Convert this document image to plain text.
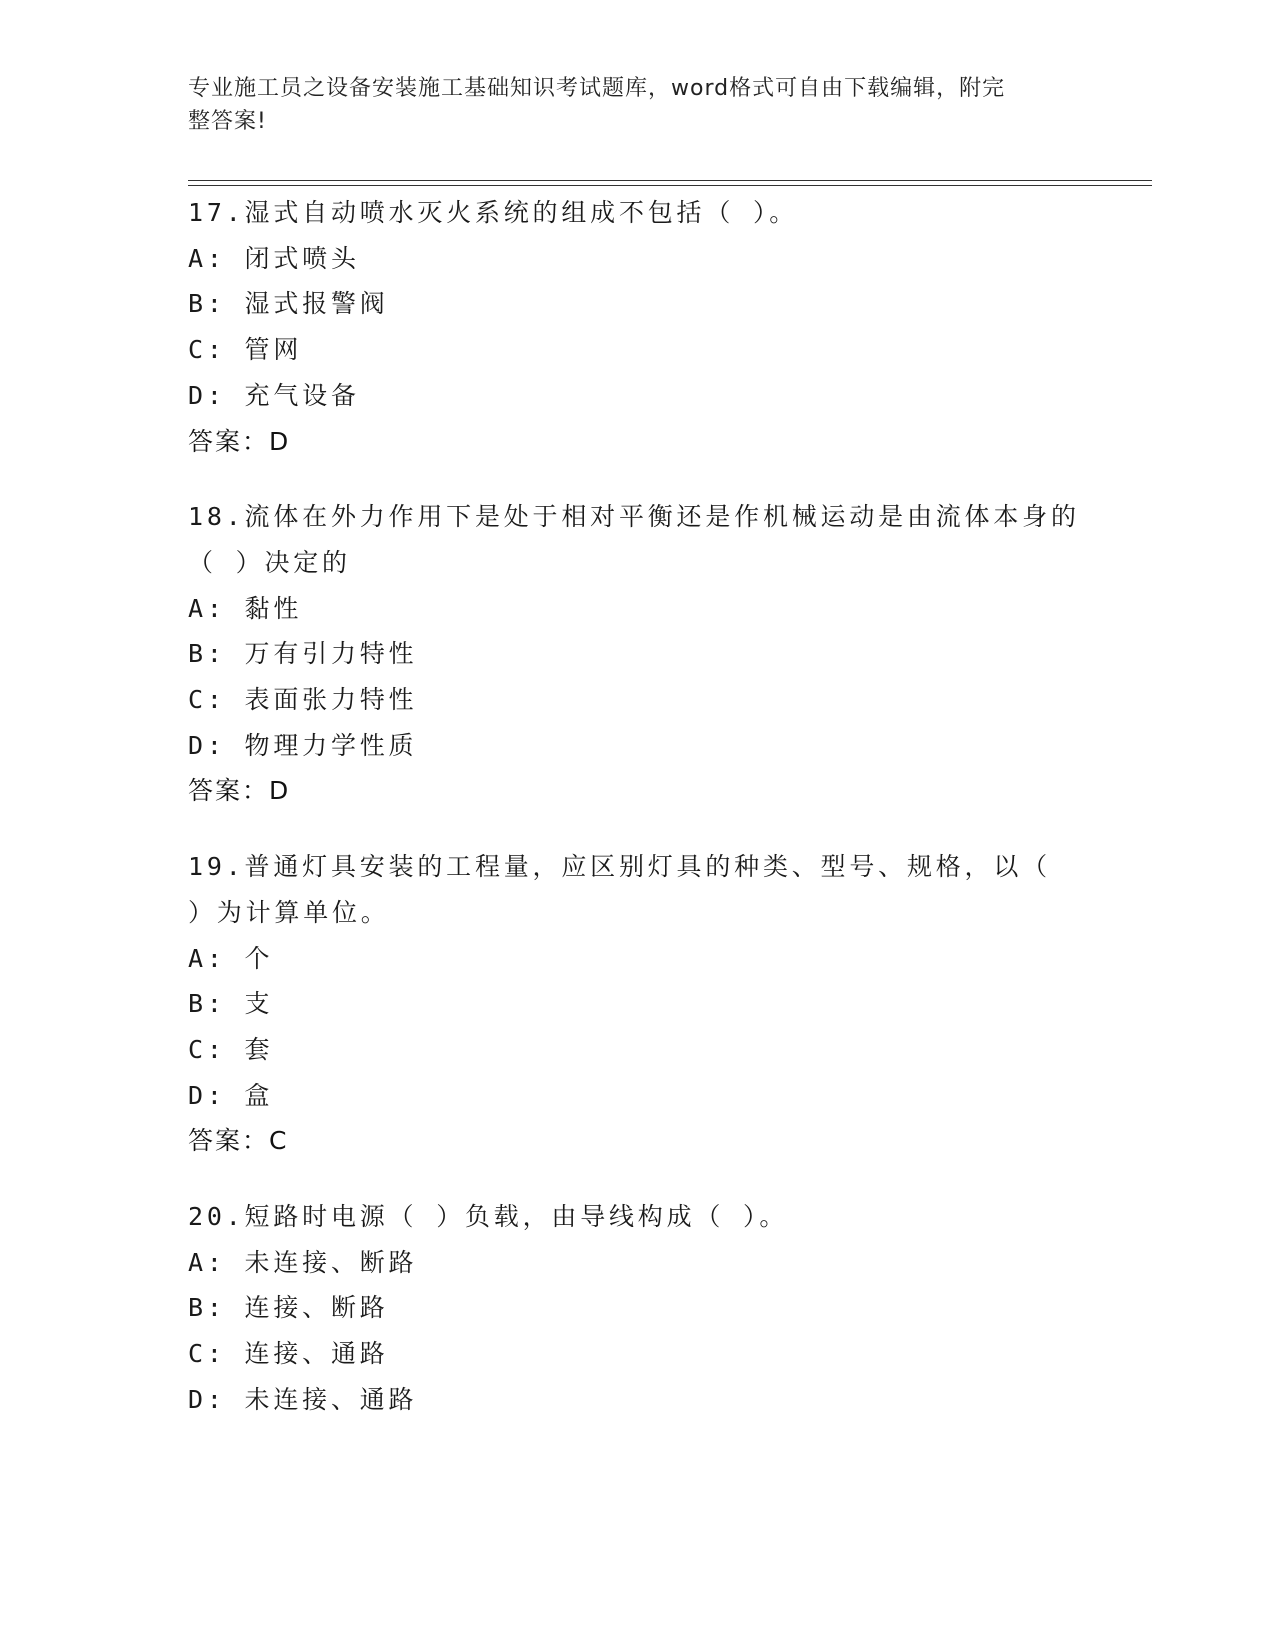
专业施工员之设备安装施工基础知识考试题库，word格式可自由下载编辑，附完
整答案!
17.湿式自动喷水灭火系统的组成不包括（ ）。
A: 闭式喷头
B: 湿式报警阀
C: 管网
D: 充气设备
答案：D
18.流体在外力作用下是处于相对平衡还是作机械运动是由流体本身的
（ ）决定的
A: 黏性
B: 万有引力特性
C: 表面张力特性
D: 物理力学性质
答案：D
19.普通灯具安装的工程量，应区别灯具的种类、型号、规格，以（
）为计算单位。
A: 个
B: 支
C: 套
D: 盒
答案：C
20.短路时电源（ ）负载，由导线构成（ ）。
A: 未连接、断路
B: 连接、断路
C: 连接、通路
D: 未连接、通路
